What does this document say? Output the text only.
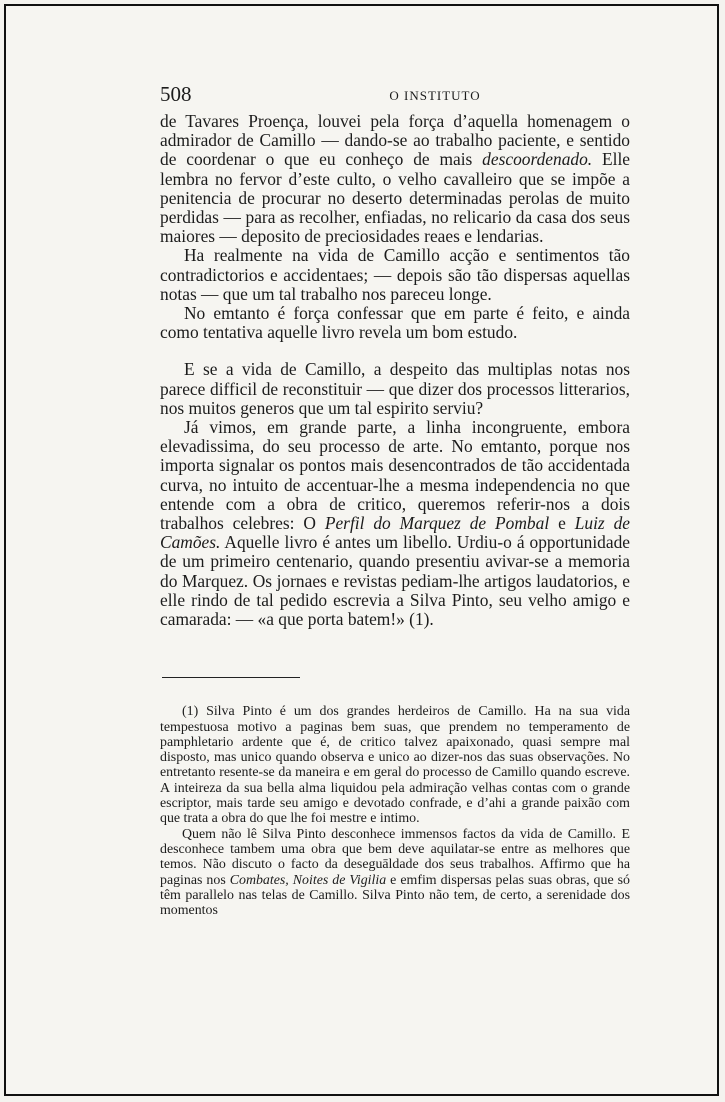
508	O INSTITUTO

de Tavares Proença, louvei pela força d’aquella homenagem o admirador de Camillo — dando-se ao trabalho paciente, e sentido de coordenar o que eu conheço de mais descoordenado. Elle lembra no fervor d’este culto, o velho cavalleiro que se impõe a penitencia de procurar no deserto determinadas perolas de muito perdidas — para as recolher, enfiadas, no relicario da casa dos seus maiores — deposito de preciosidades reaes e lendarias.

Ha realmente na vida de Camillo acção e sentimentos tão contradictorios e accidentaes; — depois são tão dispersas aquellas notas — que um tal trabalho nos pareceu longe.

No emtanto é força confessar que em parte é feito, e ainda como tentativa aquelle livro revela um bom estudo.

E se a vida de Camillo, a despeito das multiplas notas nos parece difficil de reconstituir — que dizer dos processos litterarios, nos muitos generos que um tal espirito serviu?

Já vimos, em grande parte, a linha incongruente, embora elevadissima, do seu processo de arte. No emtanto, porque nos importa signalar os pontos mais desencontrados de tão accidentada curva, no intuito de accentuar-lhe a mesma independencia no que entende com a obra de critico, queremos referir-nos a dois trabalhos celebres: O Perfil do Marquez de Pombal e Luiz de Camões. Aquelle livro é antes um libello. Urdiu-o á opportunidade de um primeiro centenario, quando presentiu avivar-se a memoria do Marquez. Os jornaes e revistas pediam-lhe artigos laudatorios, e elle rindo de tal pedido escrevia a Silva Pinto, seu velho amigo e camarada: — «a que porta batem!» (1).

(1) Silva Pinto é um dos grandes herdeiros de Camillo. Ha na sua vida tempestuosa motivo a paginas bem suas, que prendem no temperamento de pamphletario ardente que é, de critico talvez apaixonado, quasi sempre mal disposto, mas unico quando observa e unico ao dizer-nos das suas observações. No entretanto resente-se da maneira e em geral do processo de Camillo quando escreve. A inteireza da sua bella alma liquidou pela admiração velhas contas com o grande escriptor, mais tarde seu amigo e devotado confrade, e d’ahi a grande paixão com que trata a obra do que lhe foi mestre e intimo.

Quem não lê Silva Pinto desconhece immensos factos da vida de Camillo. E desconhece tambem uma obra que bem deve aquilatar-se entre as melhores que temos. Não discuto o facto da deseguāldade dos seus trabalhos. Affirmo que ha paginas nos Combates, Noites de Vigilia e emfim dispersas pelas suas obras, que só têm parallelo nas telas de Camillo. Silva Pinto não tem, de certo, a serenidade dos momentos
